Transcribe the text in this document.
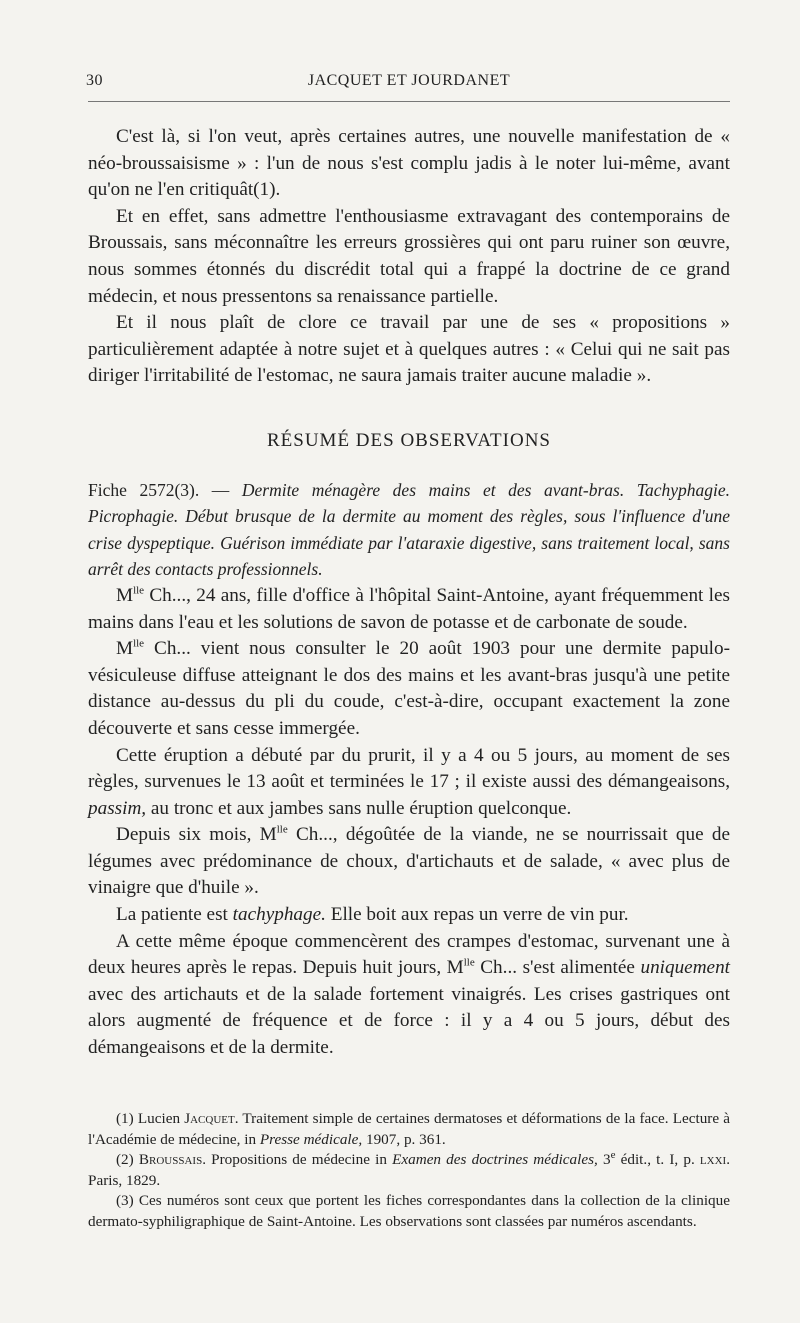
30	JACQUET ET JOURDANET

C'est là, si l'on veut, après certaines autres, une nouvelle manifestation de « néo-broussaisisme » : l'un de nous s'est complu jadis à le noter lui-même, avant qu'on ne l'en critiquât(1).

Et en effet, sans admettre l'enthousiasme extravagant des contemporains de Broussais, sans méconnaître les erreurs grossières qui ont paru ruiner son œuvre, nous sommes étonnés du discrédit total qui a frappé la doctrine de ce grand médecin, et nous pressentons sa renaissance partielle.

Et il nous plaît de clore ce travail par une de ses « propositions » particulièrement adaptée à notre sujet et à quelques autres : « Celui qui ne sait pas diriger l'irritabilité de l'estomac, ne saura jamais traiter aucune maladie ».

RÉSUMÉ DES OBSERVATIONS

Fiche 2572(3). — Dermite ménagère des mains et des avant-bras. Tachyphagie. Picrophagie. Début brusque de la dermite au moment des règles, sous l'influence d'une crise dyspeptique. Guérison immédiate par l'ataraxie digestive, sans traitement local, sans arrêt des contacts professionnels.

$M^{lle}$ Ch..., 24 ans, fille d'office à l'hôpital Saint-Antoine, ayant fréquemment les mains dans l'eau et les solutions de savon de potasse et de carbonate de soude.

$M^{lle}$ Ch... vient nous consulter le 20 août 1903 pour une dermite papulo-vésiculeuse diffuse atteignant le dos des mains et les avant-bras jusqu'à une petite distance au-dessus du pli du coude, c'est-à-dire, occupant exactement la zone découverte et sans cesse immergée.

Cette éruption a débuté par du prurit, il y a 4 ou 5 jours, au moment de ses règles, survenues le 13 août et terminées le 17 ; il existe aussi des démangeaisons, passim, au tronc et aux jambes sans nulle éruption quelconque.

Depuis six mois, $M^{lle}$ Ch..., dégoûtée de la viande, ne se nourrissait que de légumes avec prédominance de choux, d'artichauts et de salade, « avec plus de vinaigre que d'huile ».

La patiente est tachyphage. Elle boit aux repas un verre de vin pur.

A cette même époque commencèrent des crampes d'estomac, survenant une à deux heures après le repas. Depuis huit jours, $M^{lle}$ Ch... s'est alimentée uniquement avec des artichauts et de la salade fortement vinaigrés. Les crises gastriques ont alors augmenté de fréquence et de force : il y a 4 ou 5 jours, début des démangeaisons et de la dermite.

(1) Lucien Jacquet. Traitement simple de certaines dermatoses et déformations de la face. Lecture à l'Académie de médecine, in Presse médicale, 1907, p. 361.

(2) Broussais. Propositions de médecine in Examen des doctrines médicales, 3e édit., t. I, p. lxxi. Paris, 1829.

(3) Ces numéros sont ceux que portent les fiches correspondantes dans la collection de la clinique dermato-syphiligraphique de Saint-Antoine. Les observations sont classées par numéros ascendants.
